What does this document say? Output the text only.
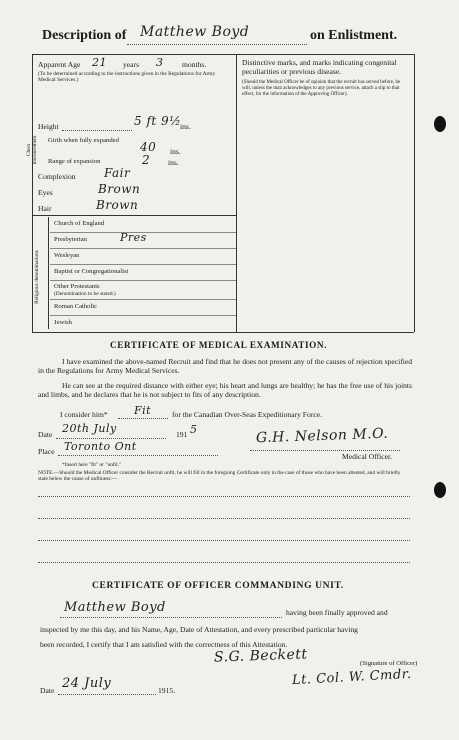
Description of Matthew Boyd	on Enlistment.
Apparent Age 21 years 3 months.
(To be determined according to the instructions given in the Regulations for Army Medical Services.)
Height	5 ft 9½
ins.
Chest measurement Girth when fully expanded	40 ins.
Range of expansion	2 ins.
Complexion Fair
Eyes	Brown
Hair	Brown
Religious denominations
Church of England
Presbyterian	Pres
Wesleyan
Baptist or Congregationalist
Other Protestants
(Denomination to be stated.)
Roman Catholic
Jewish
Distinctive marks, and marks indicating congenital peculiarities or previous disease.
(Should the Medical Officer be of opinion that the recruit has served before, he will, unless the man acknowledges to any previous service, attach a slip to that effect, for the information of the Approving Officer).
CERTIFICATE OF MEDICAL EXAMINATION.
I have examined the above-named Recruit and find that he does not present any of the causes of rejection specified in the Regulations for Army Medical Services.
He can see at the required distance with either eye; his heart and lungs are healthy; he has the free use of his joints and limbs, and he declares that he is not subject to fits of any description.
I consider him* Fit	for the Canadian Over-Seas Expeditionary Force.
Date 20th July	191 5
Place Toronto Ont
G.H. Nelson M.O.
Medical Officer.
*Insert here "fit" or "unfit."
NOTE.—Should the Medical Officer consider the Recruit unfit, he will fill in the foregoing Certificate only in the case of those who have been attested, and will briefly state below the cause of unfitness:—
CERTIFICATE OF OFFICER COMMANDING UNIT.
Matthew Boyd	having been finally approved and
inspected by me this day, and his Name, Age, Date of Attestation, and every prescribed particular having
been recorded, I certify that I am satisfied with the correctness of this Attestation.
S.G. Beckett	(Signature of Officer)
Lt. Col. W. Cmdr.
Date 24 July	1915.
